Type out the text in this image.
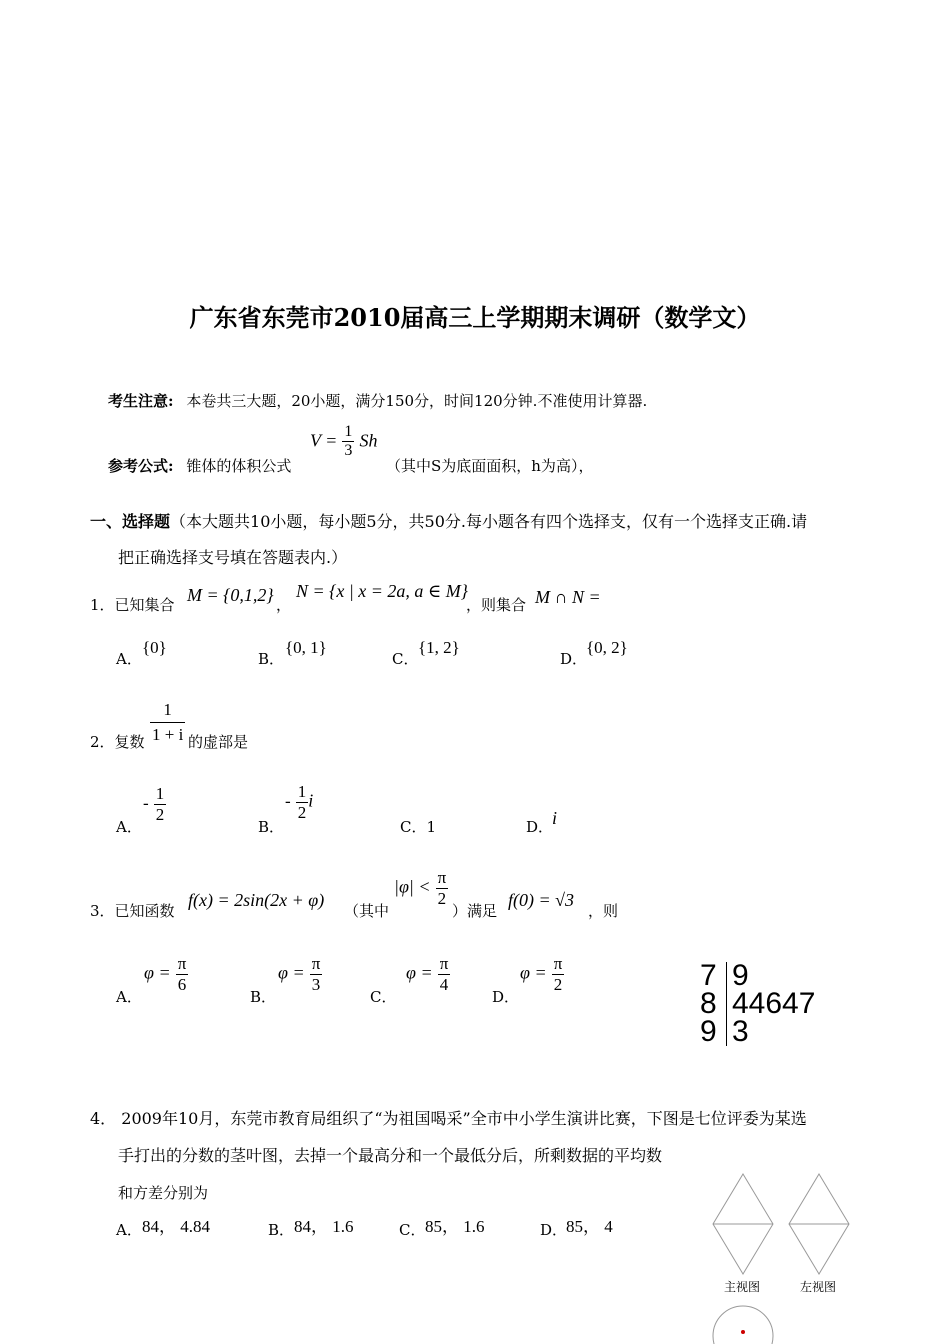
广东省东莞市2010届高三上学期期末调研（数学文）
考生注意: 本卷共三大题，20小题，满分150分，时间120分钟.不准使用计算器.
参考公式: 锥体的体积公式
$V = \frac{1}{3}$ Sh
（其中S为底面面积，h为高），
一、选择题（本大题共10小题，每小题5分，共50分.每小题各有四个选择支，仅有一个选择支正确.请
把正确选择支号填在答题表内.）
1．已知集合 M = {0,1,2} ，
N = {x | x = 2a, a ∈ M}
，则集合 M ∩ N =
A．
{0}
B．
{0, 1}
C．
{1, 2}
D．
{0, 2}
2．复数 $\frac{1}{1 + i}$ 的虚部是
A．
- $\frac{1}{2}$
B．
- $\frac{1}{2}$ i
C．1	D．
i
3．已知函数
f(x) = 2sin(2x + φ)
（其中
$|\varphi| < \frac{\pi}{2}$
）满足
f(0) = √3
，则
A．
$\varphi = \frac{\pi}{6}$
B．
$\varphi = \frac{\pi}{3}$
C．
$\varphi = \frac{\pi}{4}$
D．
$\varphi = \frac{\pi}{2}$	7 9
8 44647
9 3
4． 2009年10月，东莞市教育局组织了“为祖国喝采”全市中小学生演讲比赛，下图是七位评委为某选
手打出的分数的茎叶图，去掉一个最高分和一个最低分后，所剩数据的平均数
和方差分别为
A． 84， 4.84	B． 84， 1.6	C． 85， 1.6	D．
85， 4
主视图	左视图
